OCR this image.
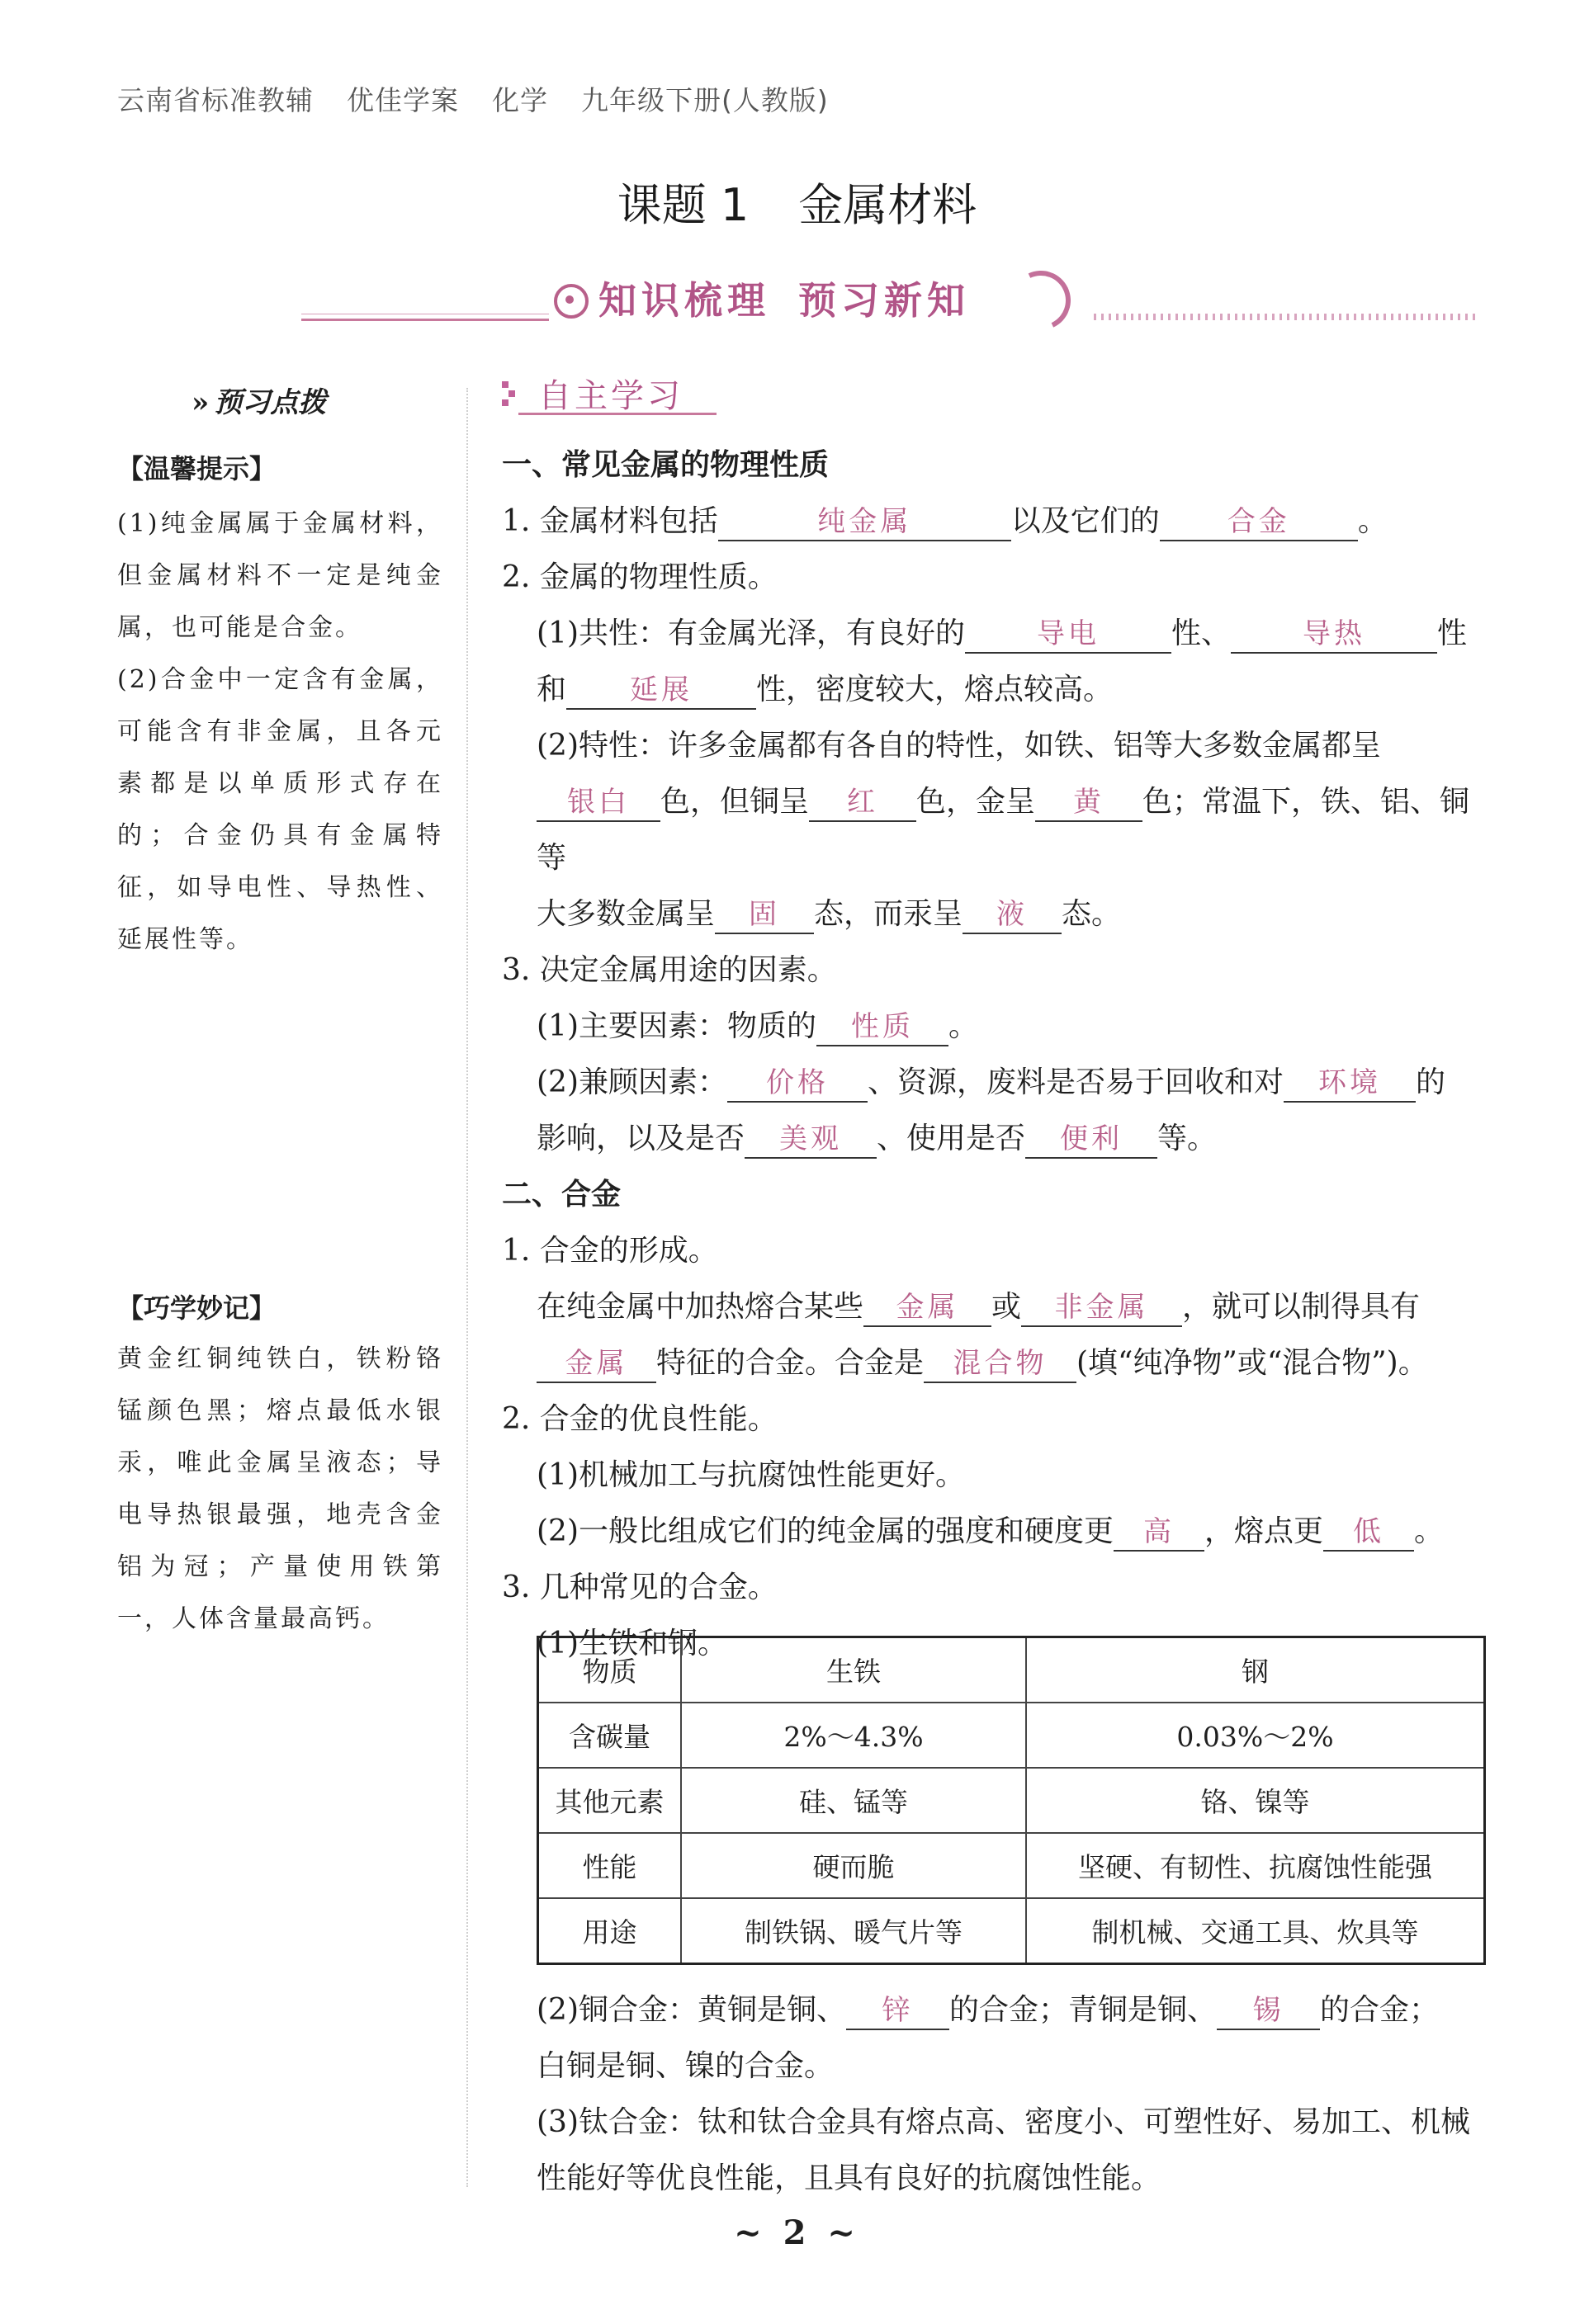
云南省标准教辅 优佳学案 化学 九年级下册(人教版)
课题 1 金属材料
知识梳理 预习新知
» 预习点拨
【温馨提示】

(1)纯金属属于金属材料，但金属材料不一定是纯金属，也可能是合金。

(2)合金中一定含有金属，可能含有非金属，且各元素都是以单质形式存在的；合金仍具有金属特征，如导电性、导热性、延展性等。

【巧学妙记】
黄金红铜纯铁白，铁粉铬锰颜色黑；熔点最低水银汞，唯此金属呈液态；导电导热银最强，地壳含金铝为冠；产量使用铁第一，人体含量最高钙。
自主学习

一、常见金属的物理性质

1. 金属材料包括	纯金属	以及它们的 合金 。

2. 金属的物理性质。

(1)共性：有金属光泽，有良好的	导电 性、	导热 性
和 延展 性，密度较大，熔点较高。

(2)特性：许多金属都有各自的特性，如铁、铝等大多数金属都呈
银白 色，但铜呈 红 色，金呈 黄 色；常温下，铁、铝、铜等
大多数金属呈 固 态，而汞呈 液 态。

3. 决定金属用途的因素。

(1)主要因素：物质的 性质 。

(2)兼顾因素： 价格 、资源，废料是否易于回收和对 环境 的
影响，以及是否 美观 、使用是否 便利 等。

二、合金

1. 合金的形成。

在纯金属中加热熔合某些 金属 或 非金属 ，就可以制得具有
金属 特征的合金。合金是 混合物 (填“纯净物”或“混合物”)。

2. 合金的优良性能。

(1)机械加工与抗腐蚀性能更好。

(2)一般比组成它们的纯金属的强度和硬度更 高 ，熔点更 低 。

3. 几种常见的合金。

(1)生铁和钢。

物质	生铁	钢
含碳量	2%～4.3%	0.03%～2%
其他元素	硅、锰等	铬、镍等
性能	硬而脆	坚硬、有韧性、抗腐蚀性能强
用途	制铁锅、暖气片等	制机械、交通工具、炊具等

(2)铜合金：黄铜是铜、 锌 的合金；青铜是铜、 锡 的合金；
白铜是铜、镍的合金。

(3)钛合金：钛和钛合金具有熔点高、密度小、可塑性好、易加工、机械性能好等优良性能，且具有良好的抗腐蚀性能。

~ 2 ~
